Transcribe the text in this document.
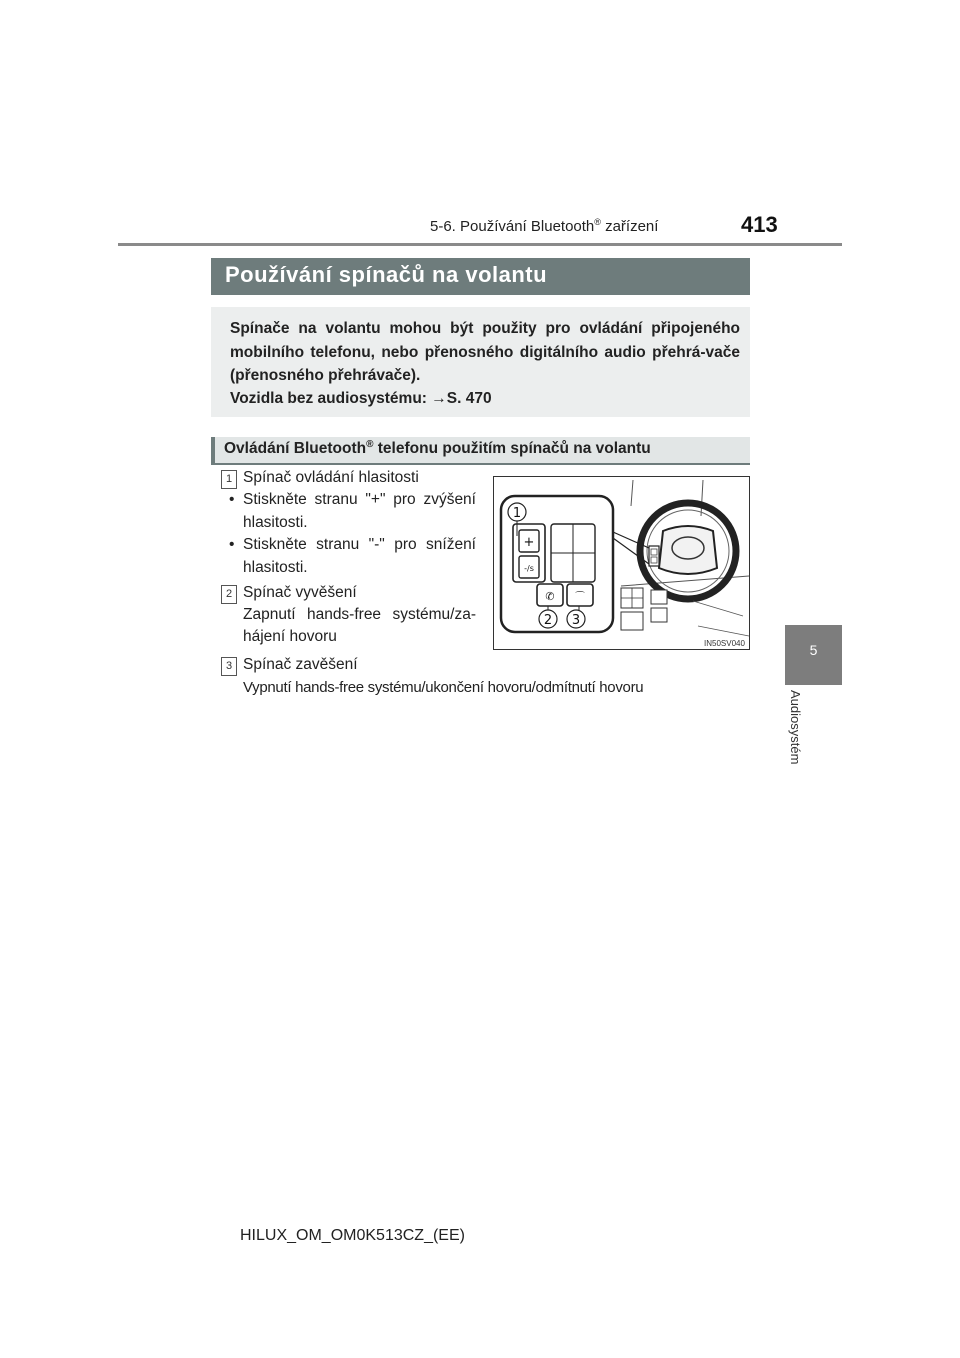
5-6. Používání Bluetooth® zařízení	413
5
Audiosystém
Používání spínačů na volantu
Spínače na volantu mohou být použity pro ovládání připojeného mobilního telefonu, nebo přenosného digitálního audio přehrá-vače (přenosného přehrávače).
Vozidla bez audiosystému: →S. 470
Ovládání Bluetooth® telefonu použitím spínačů na volantu
1 Spínač ovládání hlasitosti
• Stiskněte stranu "+" pro zvýšení
hlasitosti.
• Stiskněte stranu "-" pro snížení
hlasitosti.
2 Spínač vyvěšení
Zapnutí hands-free systému/za-
hájení hovoru
3 Spínač zavěšení
Vypnutí hands-free systému/ukončení hovoru/odmítnutí hovoru
+
-/s
✆ ⌒
1
2 3
IN50SV040
HILUX_OM_OM0K513CZ_(EE)
